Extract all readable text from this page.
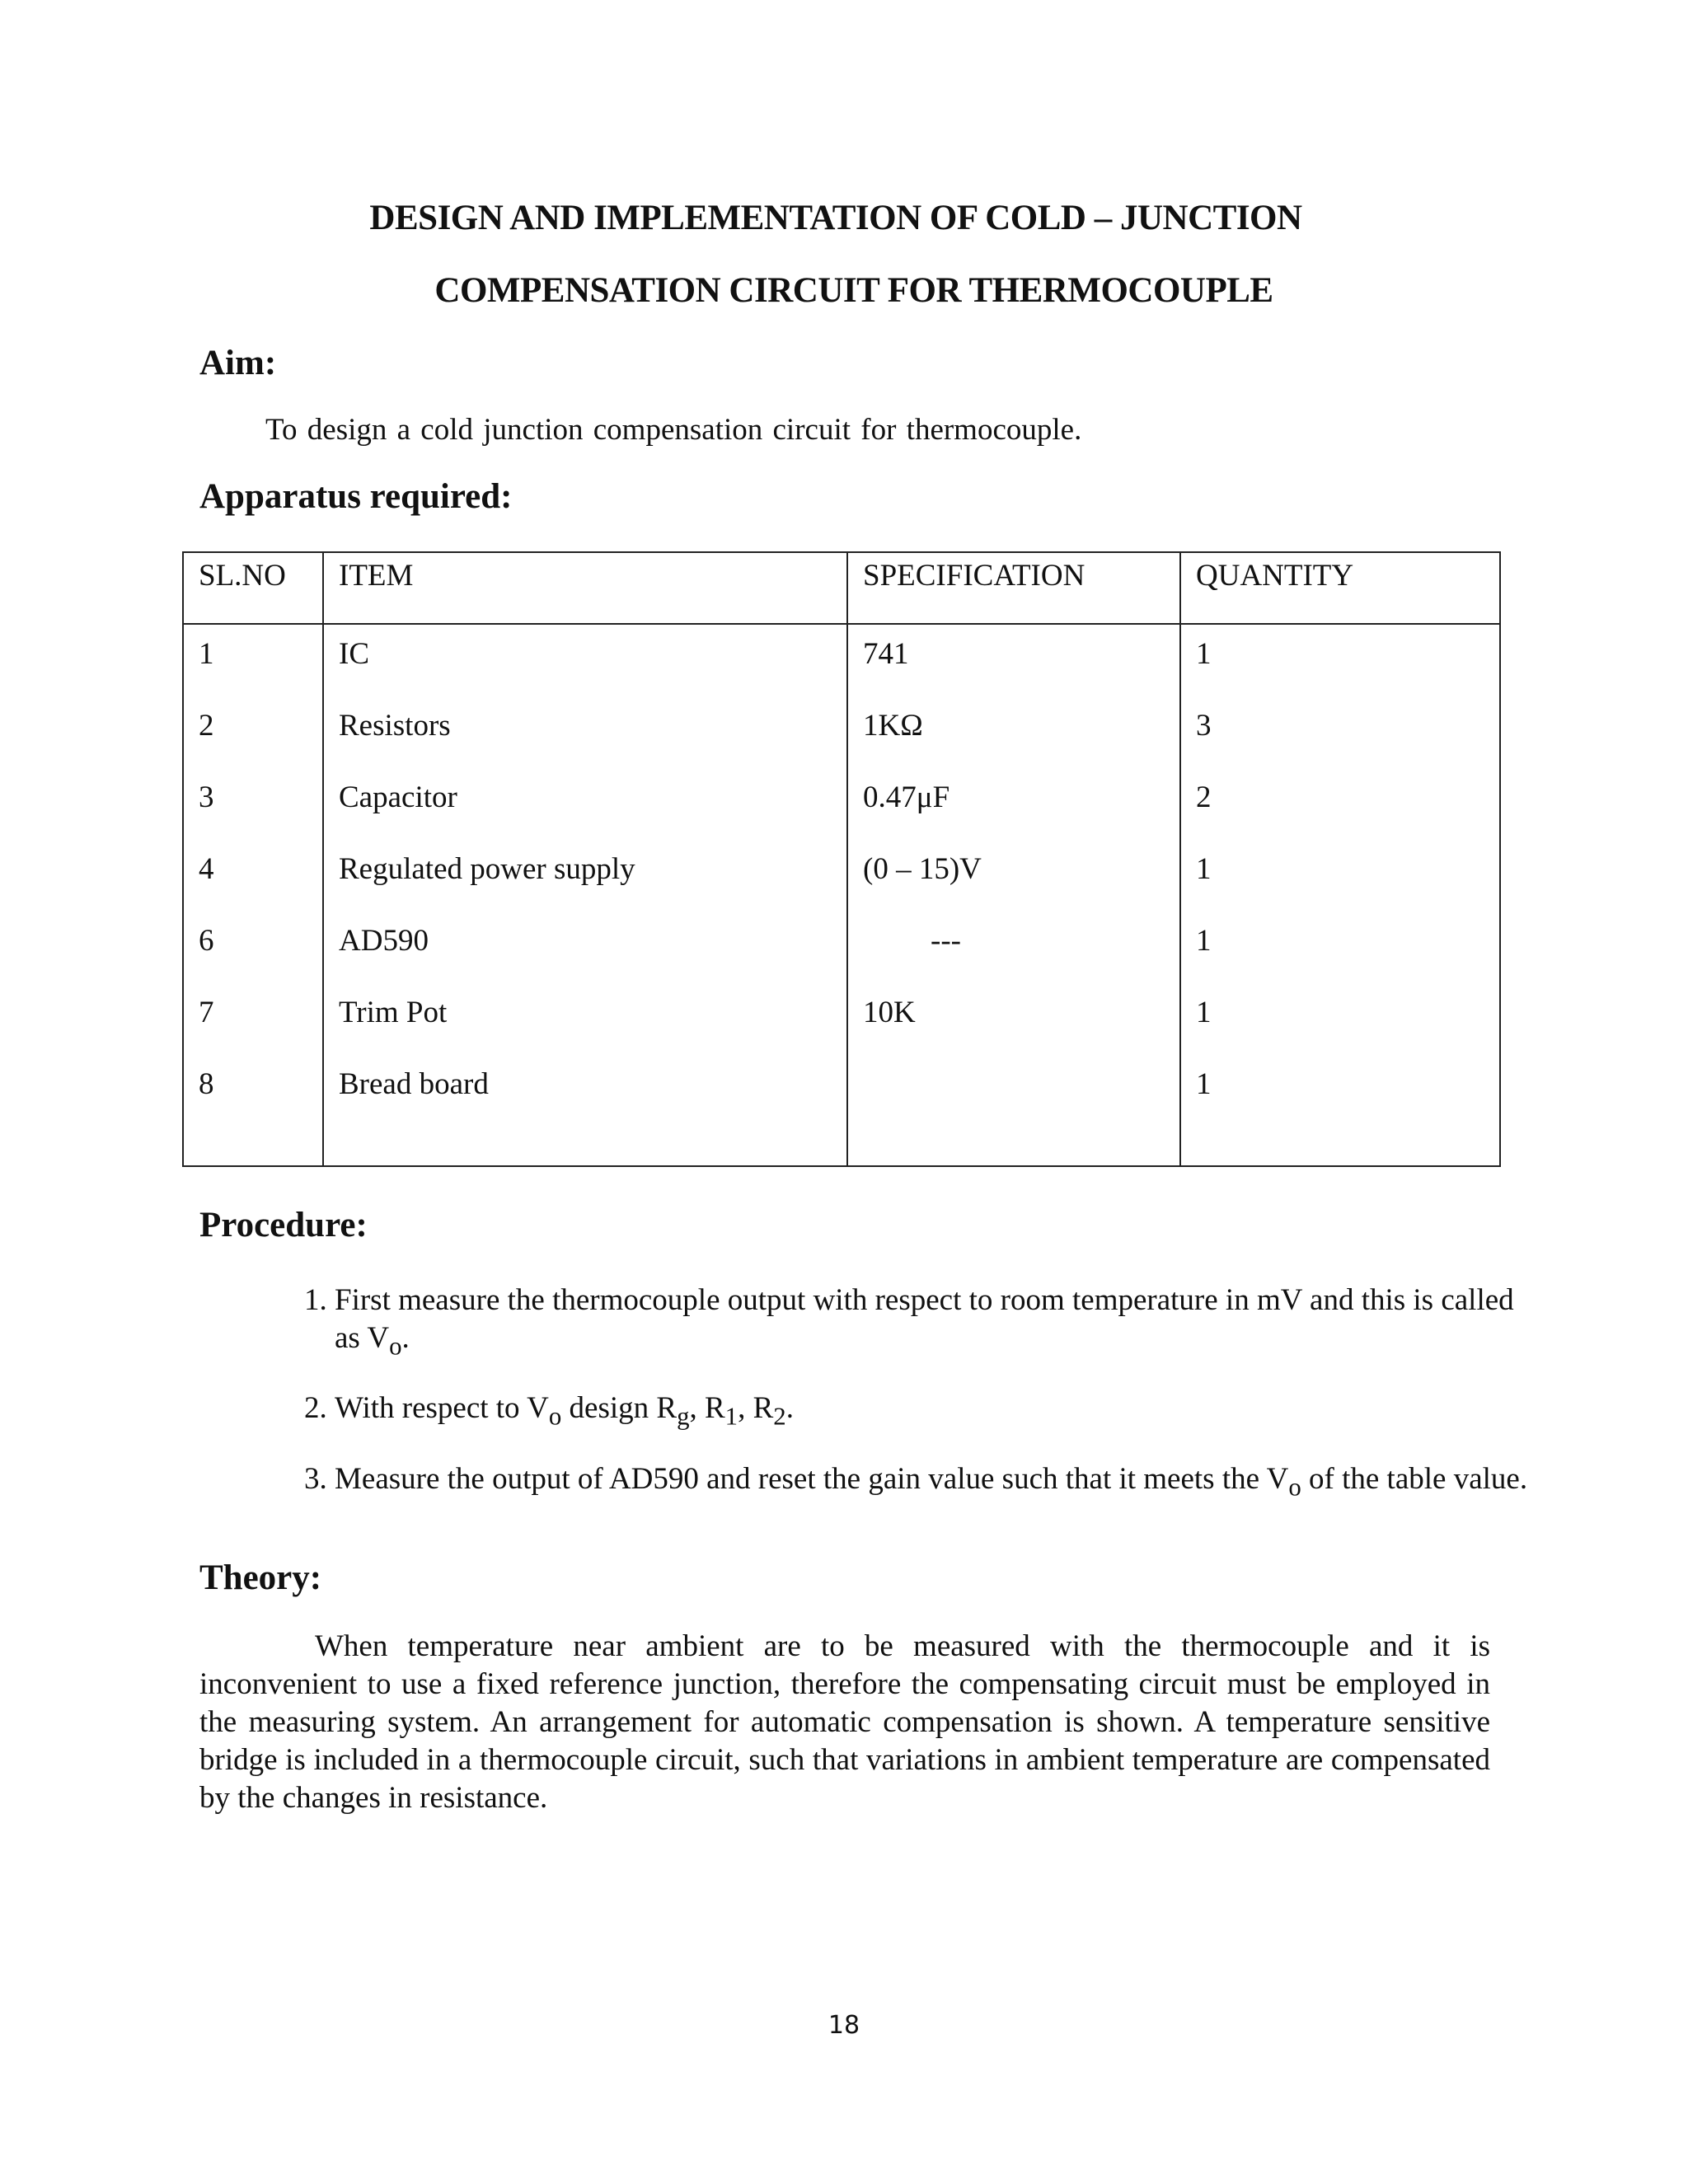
DESIGN AND IMPLEMENTATION OF COLD – JUNCTION
COMPENSATION CIRCUIT FOR THERMOCOUPLE
Aim:
To design a cold junction compensation circuit for thermocouple.
Apparatus required:
SL.NO	ITEM	SPECIFICATION	QUANTITY
1	IC	741	1
2	Resistors	1KΩ	3
3	Capacitor	0.47μF	2
4	Regulated power supply	(0 – 15)V	1
6	AD590	---	1
7	Trim Pot	10K	1
8	Bread board		1
Procedure:
1. First measure the thermocouple output with respect to room temperature in mV and this is called as $V_o$.
2. With respect to $V_o$ design $R_g$, $R_1$, $R_2$.
3. Measure the output of AD590 and reset the gain value such that it meets the $V_o$ of the table value.
Theory:
When temperature near ambient are to be measured with the thermocouple and it is inconvenient to use a fixed reference junction, therefore the compensating circuit must be employed in the measuring system. An arrangement for automatic compensation is shown. A temperature sensitive bridge is included in a thermocouple circuit, such that variations in ambient temperature are compensated by the changes in resistance.
18
